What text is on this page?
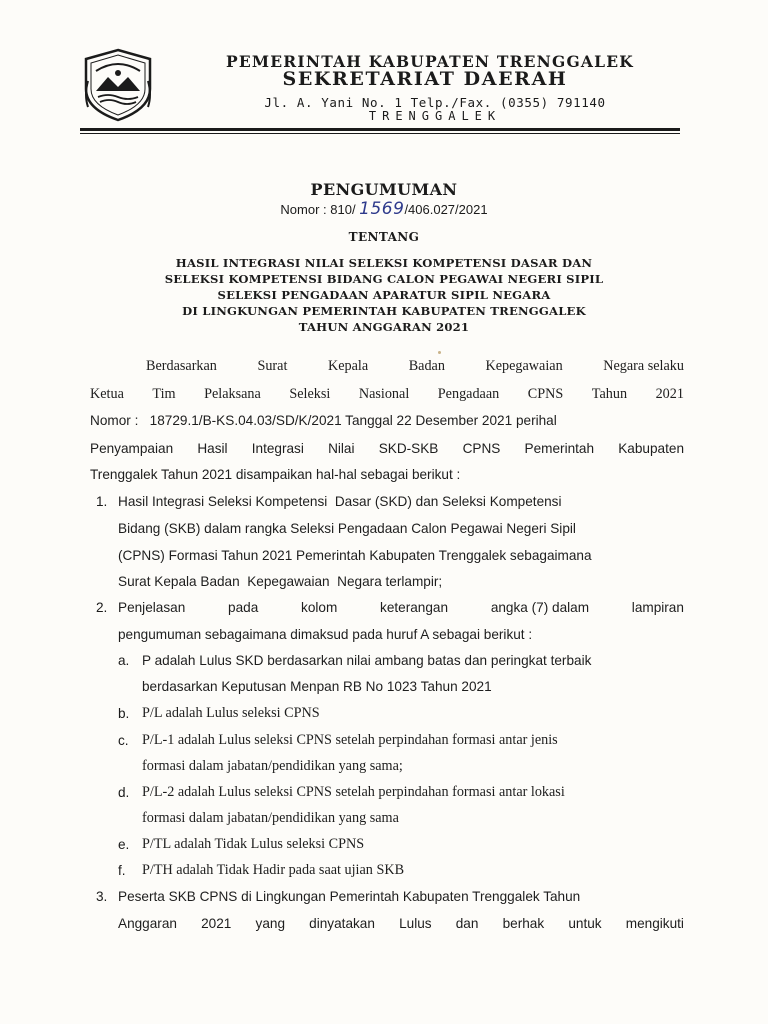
PEMERINTAH KABUPATEN TRENGGALEK
SEKRETARIAT DAERAH
Jl. A. Yani No. 1 Telp./Fax. (0355) 791140
TRENGGALEK
PENGUMUMAN
Nomor : 810/ 1569/406.027/2021
TENTANG
HASIL INTEGRASI NILAI SELEKSI KOMPETENSI DASAR DAN
SELEKSI KOMPETENSI BIDANG CALON PEGAWAI NEGERI SIPIL
SELEKSI PENGADAAN APARATUR SIPIL NEGARA
DI LINGKUNGAN PEMERINTAH KABUPATEN TRENGGALEK
TAHUN ANGGARAN 2021
Berdasarkan	Surat	Kepala	Badan	Kepegawaian	Negara selaku
Ketua Tim Pelaksana Seleksi Nasional Pengadaan CPNS Tahun 2021
Nomor :   18729.1/B-KS.04.03/SD/K/2021 Tanggal 22 Desember 2021 perihal
Penyampaian Hasil Integrasi Nilai SKD-SKB CPNS Pemerintah Kabupaten
Trenggalek Tahun 2021 disampaikan hal-hal sebagai berikut :
1. Hasil Integrasi Seleksi Kompetensi  Dasar (SKD) dan Seleksi Kompetensi
Bidang (SKB) dalam rangka Seleksi Pengadaan Calon Pegawai Negeri Sipil
(CPNS) Formasi Tahun 2021 Pemerintah Kabupaten Trenggalek sebagaimana
Surat Kepala Badan  Kepegawaian  Negara terlampir;
2. Penjelasan	pada	kolom	keterangan	angka (7) dalam	lampiran
pengumuman sebagaimana dimaksud pada huruf A sebagai berikut :
a. P adalah Lulus SKD berdasarkan nilai ambang batas dan peringkat terbaik
berdasarkan Keputusan Menpan RB No 1023 Tahun 2021
b. P/L adalah Lulus seleksi CPNS
c. P/L-1 adalah Lulus seleksi CPNS setelah perpindahan formasi antar jenis
formasi dalam jabatan/pendidikan yang sama;
d. P/L-2 adalah Lulus seleksi CPNS setelah perpindahan formasi antar lokasi
formasi dalam jabatan/pendidikan yang sama
e. P/TL adalah Tidak Lulus seleksi CPNS
f. P/TH adalah Tidak Hadir pada saat ujian SKB
3. Peserta SKB CPNS di Lingkungan Pemerintah Kabupaten Trenggalek Tahun
Anggaran 2021 yang dinyatakan Lulus dan berhak untuk mengikuti
